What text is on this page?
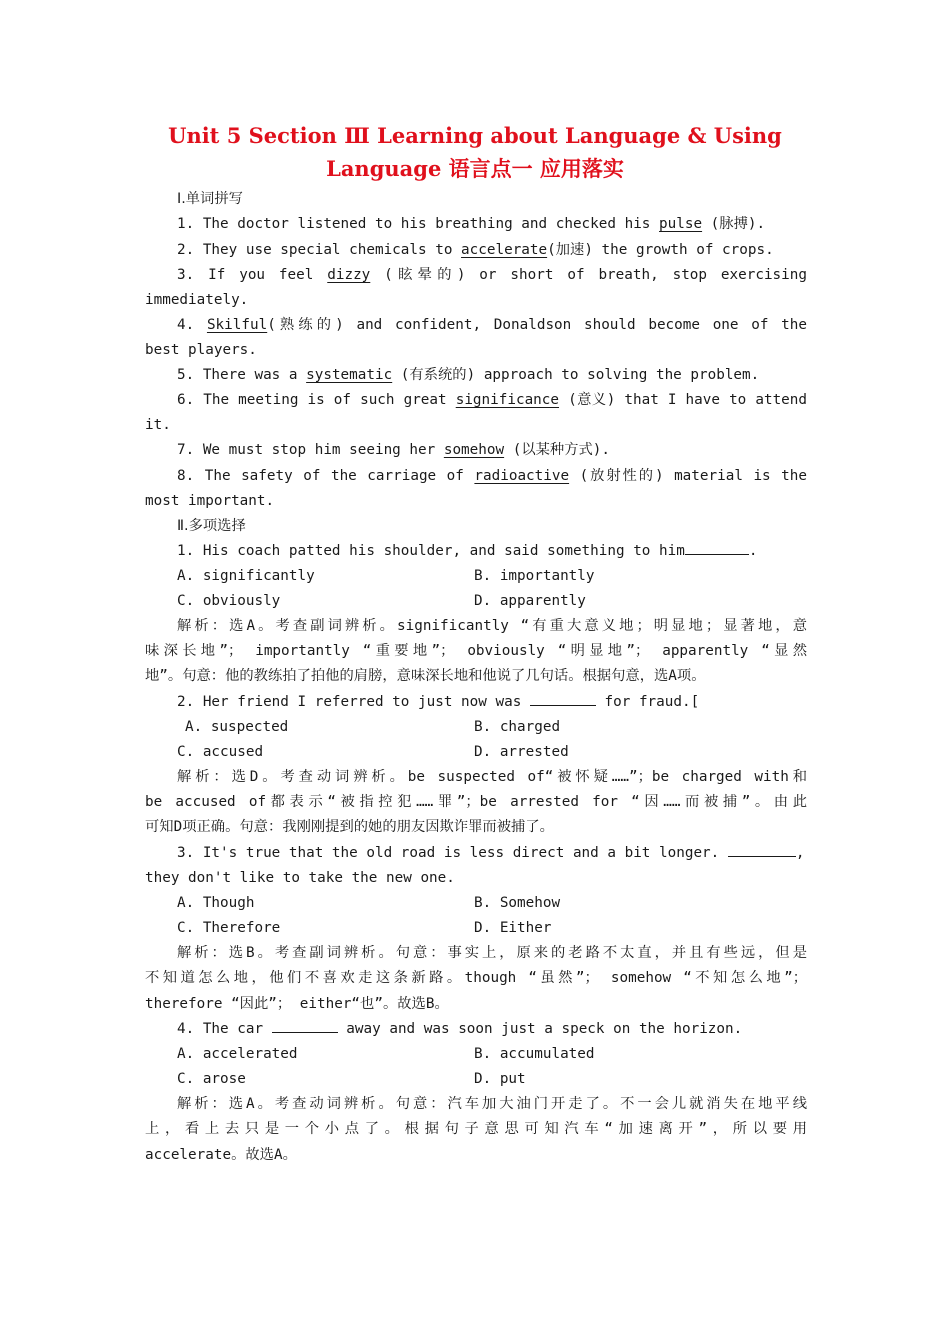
Unit 5 Section Ⅲ Learning about Language & Using
Language 语言点一 应用落实
Ⅰ.单词拼写
1. The doctor listened to his breathing and checked his pulse (脉搏).
2. They use special chemicals to accelerate(加速) the growth of crops.
3. If you feel dizzy (眩晕的) or short of breath, stop exercising
immediately.
4. Skilful(熟练的) and confident, Donaldson should become one of the
best players.
5. There was a systematic (有系统的) approach to solving the problem.
6. The meeting is of such great significance (意义) that I have to attend
it.
7. We must stop him seeing her somehow (以某种方式).
8. The safety of the carriage of radioactive (放射性的) material is the
most important.
Ⅱ.多项选择
1. His coach patted his shoulder, and said something to him	.
A. significantly	B. importantly
C. obviously	D. apparently
解析：选A。考查副词辨析。significantly “有重大意义地；明显地；显著地，意
味深长地”； importantly “重要地”； obviously “明显地”； apparently “显然
地”。句意：他的教练拍了拍他的肩膀，意味深长地和他说了几句话。根据句意，选A项。
2. Her friend I referred to just now was	for fraud.[
A. suspected	B. charged
C. accused	D. arrested
解析：选D。考查动词辨析。be suspected of“被怀疑……”；be charged with和
be accused of都表示“被指控犯……罪”；be arrested for “因……而被捕”。由此
可知D项正确。句意：我刚刚提到的她的朋友因欺诈罪而被捕了。
3. It's true that the old road is less direct and a bit longer.	,
they don't like to take the new one.
A. Though	B. Somehow
C. Therefore	D. Either
解析：选B。考查副词辨析。句意：事实上，原来的老路不太直，并且有些远，但是
不知道怎么地，他们不喜欢走这条新路。though “虽然”； somehow “不知怎么地”；
therefore “因此”； either“也”。故选B。
4. The car	away and was soon just a speck on the horizon.
A. accelerated	B. accumulated
C. arose	D. put
解析：选A。考查动词辨析。句意：汽车加大油门开走了。不一会儿就消失在地平线
上，看上去只是一个小点了。根据句子意思可知汽车“加速离开”，所以要用
accelerate。故选A。
